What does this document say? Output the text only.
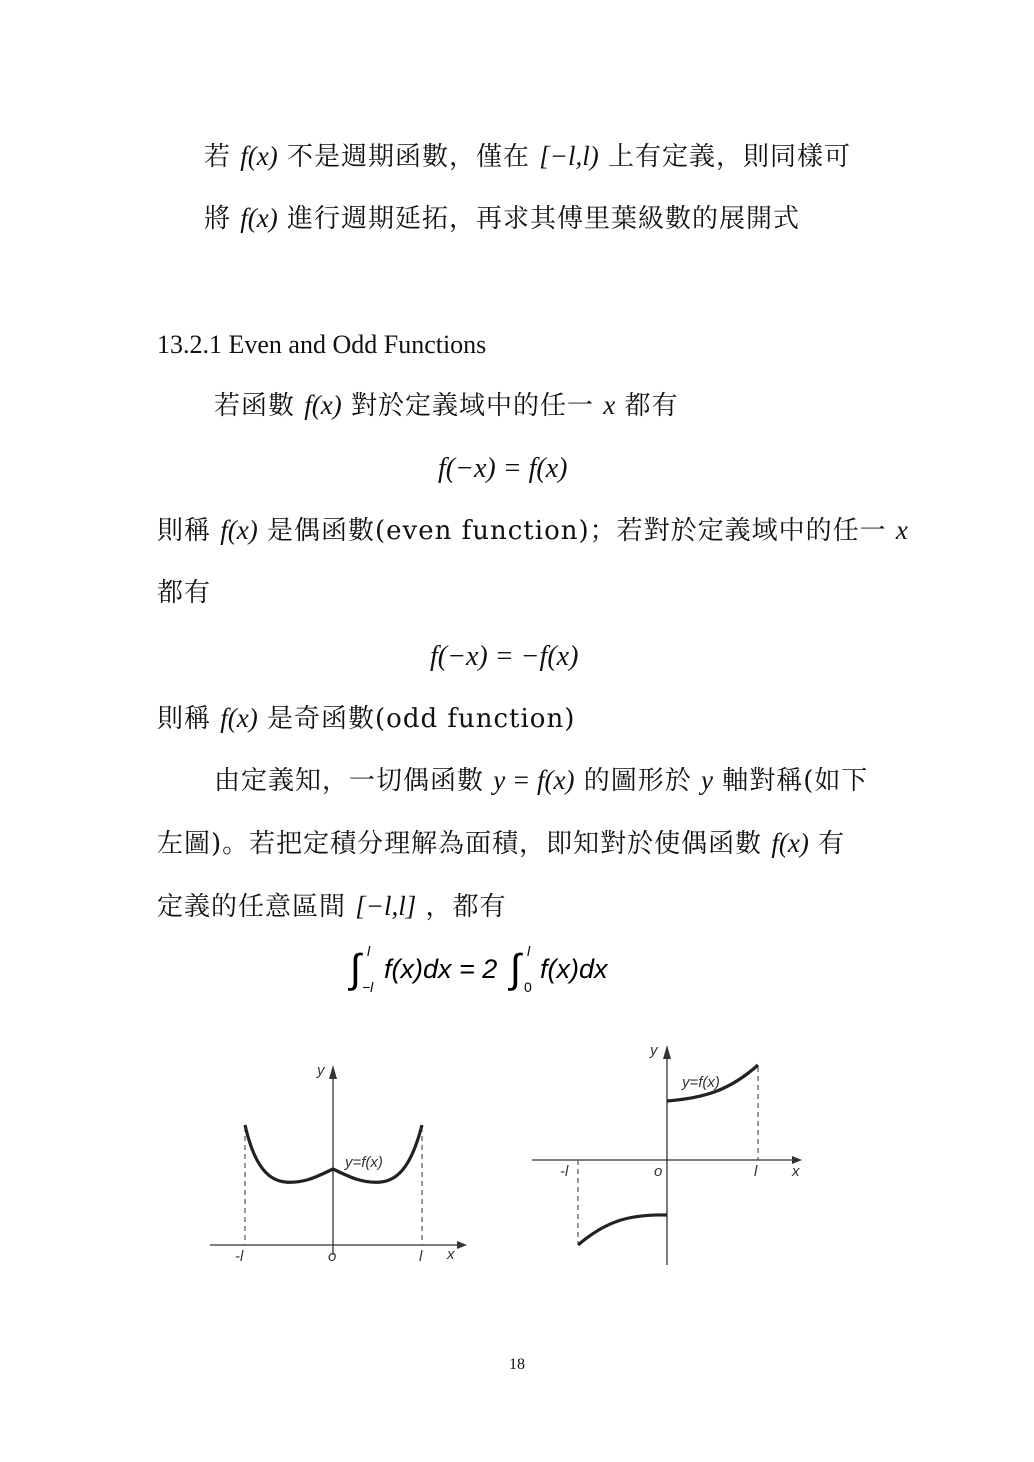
若 f(x) 不是週期函數，僅在 [−l,l) 上有定義，則同樣可
將 f(x) 進行週期延拓，再求其傅里葉級數的展開式
13.2.1 Even and Odd Functions
若函數 f(x) 對於定義域中的任一 x 都有
f(−x) = f(x)
則稱 f(x) 是偶函數(even function)；若對於定義域中的任一 x
都有
f(−x) = −f(x)
則稱 f(x) 是奇函數(odd function)
由定義知，一切偶函數 y = f(x) 的圖形於 y 軸對稱(如下
左圖)。若把定積分理解為面積，即知對於使偶函數 f(x) 有
定義的任意區間 [−l,l] ，都有
∫ l
−l
f(x)dx = 2 ∫ l
0
f(x)dx
y
x
y=f(x)
-l	o	l
y
x
y=f(x)
-l	o	l
18
